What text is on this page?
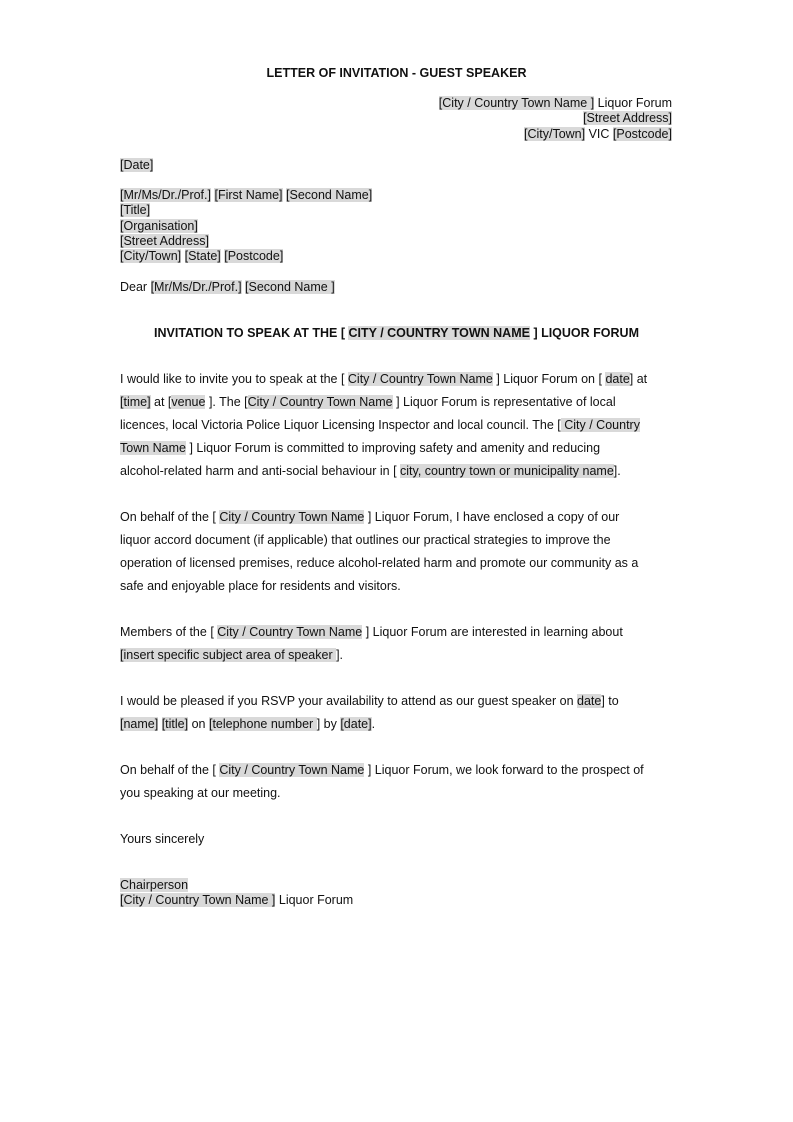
LETTER OF INVITATION - GUEST SPEAKER
[City / Country Town Name ] Liquor Forum
[Street Address]
[City/Town] VIC [Postcode]
[Date]
[Mr/Ms/Dr./Prof.] [First Name] [Second Name]
[Title]
[Organisation]
[Street Address]
[City/Town] [State] [Postcode]
Dear [Mr/Ms/Dr./Prof.] [Second Name ]
INVITATION TO SPEAK AT THE [ CITY / COUNTRY TOWN NAME ] LIQUOR FORUM
I would like to invite you to speak at the [ City / Country Town Name ] Liquor Forum on [ date] at
[time] at [venue ]. The [City / Country Town Name ] Liquor Forum is representative of local
licences, local Victoria Police Liquor Licensing Inspector and local council. The [ City / Country
Town Name ] Liquor Forum is committed to improving safety and amenity and reducing
alcohol-related harm and anti-social behaviour in [ city, country town or municipality name].
On behalf of the [ City / Country Town Name ] Liquor Forum, I have enclosed a copy of our
liquor accord document (if applicable) that outlines our practical strategies to improve the
operation of licensed premises, reduce alcohol-related harm and promote our community as a
safe and enjoyable place for residents and visitors.
Members of the [ City / Country Town Name ] Liquor Forum are interested in learning about
[insert specific subject area of speaker ].
I would be pleased if you RSVP your availability to attend as our guest speaker on date] to
[name] [title] on [telephone number ] by [date].
On behalf of the [ City / Country Town Name ] Liquor Forum, we look forward to the prospect of
you speaking at our meeting.
Yours sincerely
Chairperson
[City / Country Town Name ] Liquor Forum
